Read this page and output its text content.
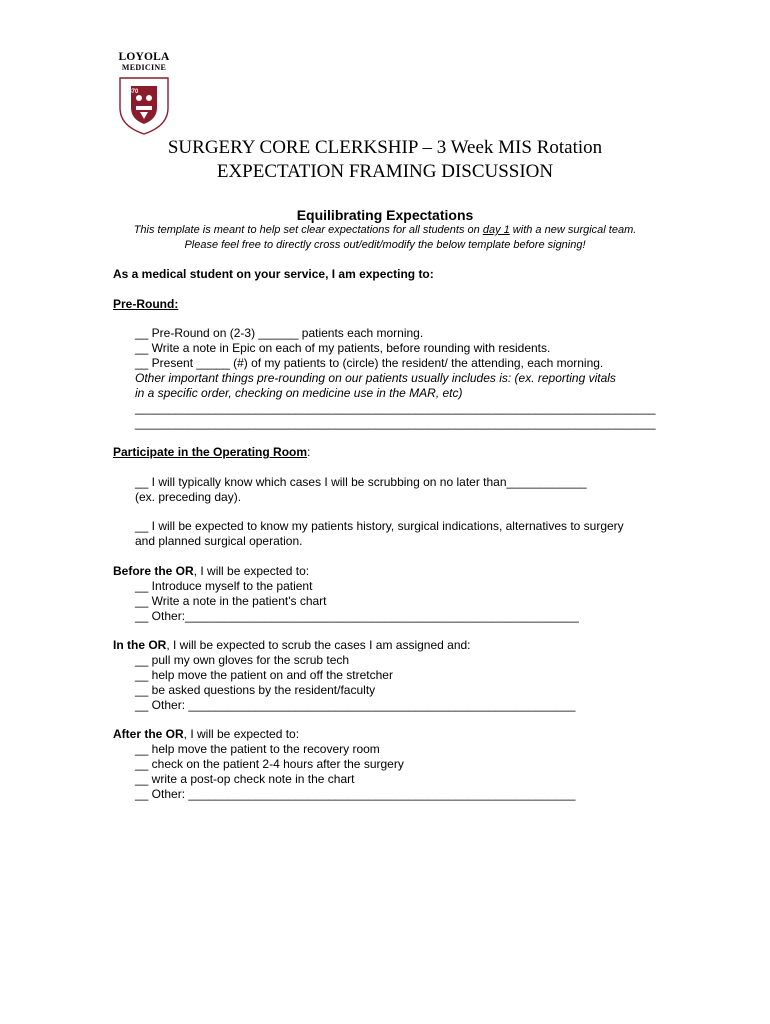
LOYOLA
MEDICINE
1870
SURGERY CORE CLERKSHIP – 3 Week MIS Rotation
EXPECTATION FRAMING DISCUSSION
Equilibrating Expectations
This template is meant to help set clear expectations for all students on day 1 with a new surgical team.
Please feel free to directly cross out/edit/modify the below template before signing!
As a medical student on your service, I am expecting to:
Pre-Round:
__ Pre-Round on (2-3) ______ patients each morning.
__ Write a note in Epic on each of my patients, before rounding with residents.
__ Present _____ (#) of my patients to (circle) the resident/ the attending, each morning.
Other important things pre-rounding on our patients usually includes is: (ex. reporting vitals
in a specific order, checking on medicine use in the MAR, etc)
______________________________________________________________________________
______________________________________________________________________________
Participate in the Operating Room:
__ I will typically know which cases I will be scrubbing on no later than____________
(ex. preceding day).
__ I will be expected to know my patients history, surgical indications, alternatives to surgery
and planned surgical operation.
Before the OR, I will be expected to:
__ Introduce myself to the patient
__ Write a note in the patient's chart
__ Other:___________________________________________________________
In the OR, I will be expected to scrub the cases I am assigned and:
__ pull my own gloves for the scrub tech
__ help move the patient on and off the stretcher
__ be asked questions by the resident/faculty
__ Other: __________________________________________________________
After the OR, I will be expected to:
__ help move the patient to the recovery room
__ check on the patient 2-4 hours after the surgery
__ write a post-op check note in the chart
__ Other: __________________________________________________________
